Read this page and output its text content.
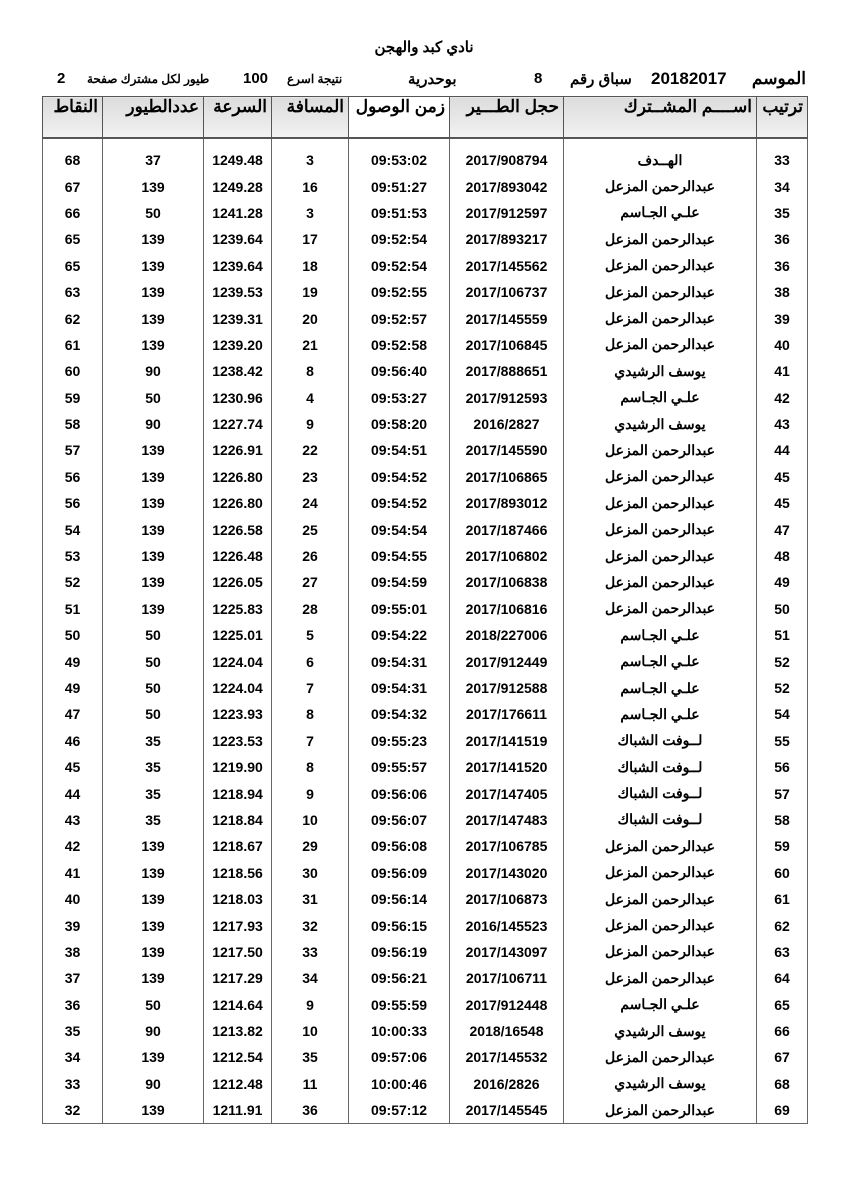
نادي كبد والهجن
الموسم
20182017
سباق رقم
8
بوحدرية
نتيجة اسرع
100
طيور لكل مشترك صفحة
2
النقاط	عددالطيور	السرعة	المسافة	زمن الوصول	حجل الطـــير	اســــم المشــترك	ترتيب

68	37	1249.48	3	09:53:02	2017/908794	الهــدف	33
67	139	1249.28	16	09:51:27	2017/893042	عبدالرحمن المزعل	34
66	50	1241.28	3	09:51:53	2017/912597	علـي الجـاسم	35
65	139	1239.64	17	09:52:54	2017/893217	عبدالرحمن المزعل	36
65	139	1239.64	18	09:52:54	2017/145562	عبدالرحمن المزعل	36
63	139	1239.53	19	09:52:55	2017/106737	عبدالرحمن المزعل	38
62	139	1239.31	20	09:52:57	2017/145559	عبدالرحمن المزعل	39
61	139	1239.20	21	09:52:58	2017/106845	عبدالرحمن المزعل	40
60	90	1238.42	8	09:56:40	2017/888651	يوسف الرشيدي	41
59	50	1230.96	4	09:53:27	2017/912593	علـي الجـاسم	42
58	90	1227.74	9	09:58:20	2016/2827	يوسف الرشيدي	43
57	139	1226.91	22	09:54:51	2017/145590	عبدالرحمن المزعل	44
56	139	1226.80	23	09:54:52	2017/106865	عبدالرحمن المزعل	45
56	139	1226.80	24	09:54:52	2017/893012	عبدالرحمن المزعل	45
54	139	1226.58	25	09:54:54	2017/187466	عبدالرحمن المزعل	47
53	139	1226.48	26	09:54:55	2017/106802	عبدالرحمن المزعل	48
52	139	1226.05	27	09:54:59	2017/106838	عبدالرحمن المزعل	49
51	139	1225.83	28	09:55:01	2017/106816	عبدالرحمن المزعل	50
50	50	1225.01	5	09:54:22	2018/227006	علـي الجـاسم	51
49	50	1224.04	6	09:54:31	2017/912449	علـي الجـاسم	52
49	50	1224.04	7	09:54:31	2017/912588	علـي الجـاسم	52
47	50	1223.93	8	09:54:32	2017/176611	علـي الجـاسم	54
46	35	1223.53	7	09:55:23	2017/141519	لــوفت الشباك	55
45	35	1219.90	8	09:55:57	2017/141520	لــوفت الشباك	56
44	35	1218.94	9	09:56:06	2017/147405	لــوفت الشباك	57
43	35	1218.84	10	09:56:07	2017/147483	لــوفت الشباك	58
42	139	1218.67	29	09:56:08	2017/106785	عبدالرحمن المزعل	59
41	139	1218.56	30	09:56:09	2017/143020	عبدالرحمن المزعل	60
40	139	1218.03	31	09:56:14	2017/106873	عبدالرحمن المزعل	61
39	139	1217.93	32	09:56:15	2016/145523	عبدالرحمن المزعل	62
38	139	1217.50	33	09:56:19	2017/143097	عبدالرحمن المزعل	63
37	139	1217.29	34	09:56:21	2017/106711	عبدالرحمن المزعل	64
36	50	1214.64	9	09:55:59	2017/912448	علـي الجـاسم	65
35	90	1213.82	10	10:00:33	2018/16548	يوسف الرشيدي	66
34	139	1212.54	35	09:57:06	2017/145532	عبدالرحمن المزعل	67
33	90	1212.48	11	10:00:46	2016/2826	يوسف الرشيدي	68
32	139	1211.91	36	09:57:12	2017/145545	عبدالرحمن المزعل	69
